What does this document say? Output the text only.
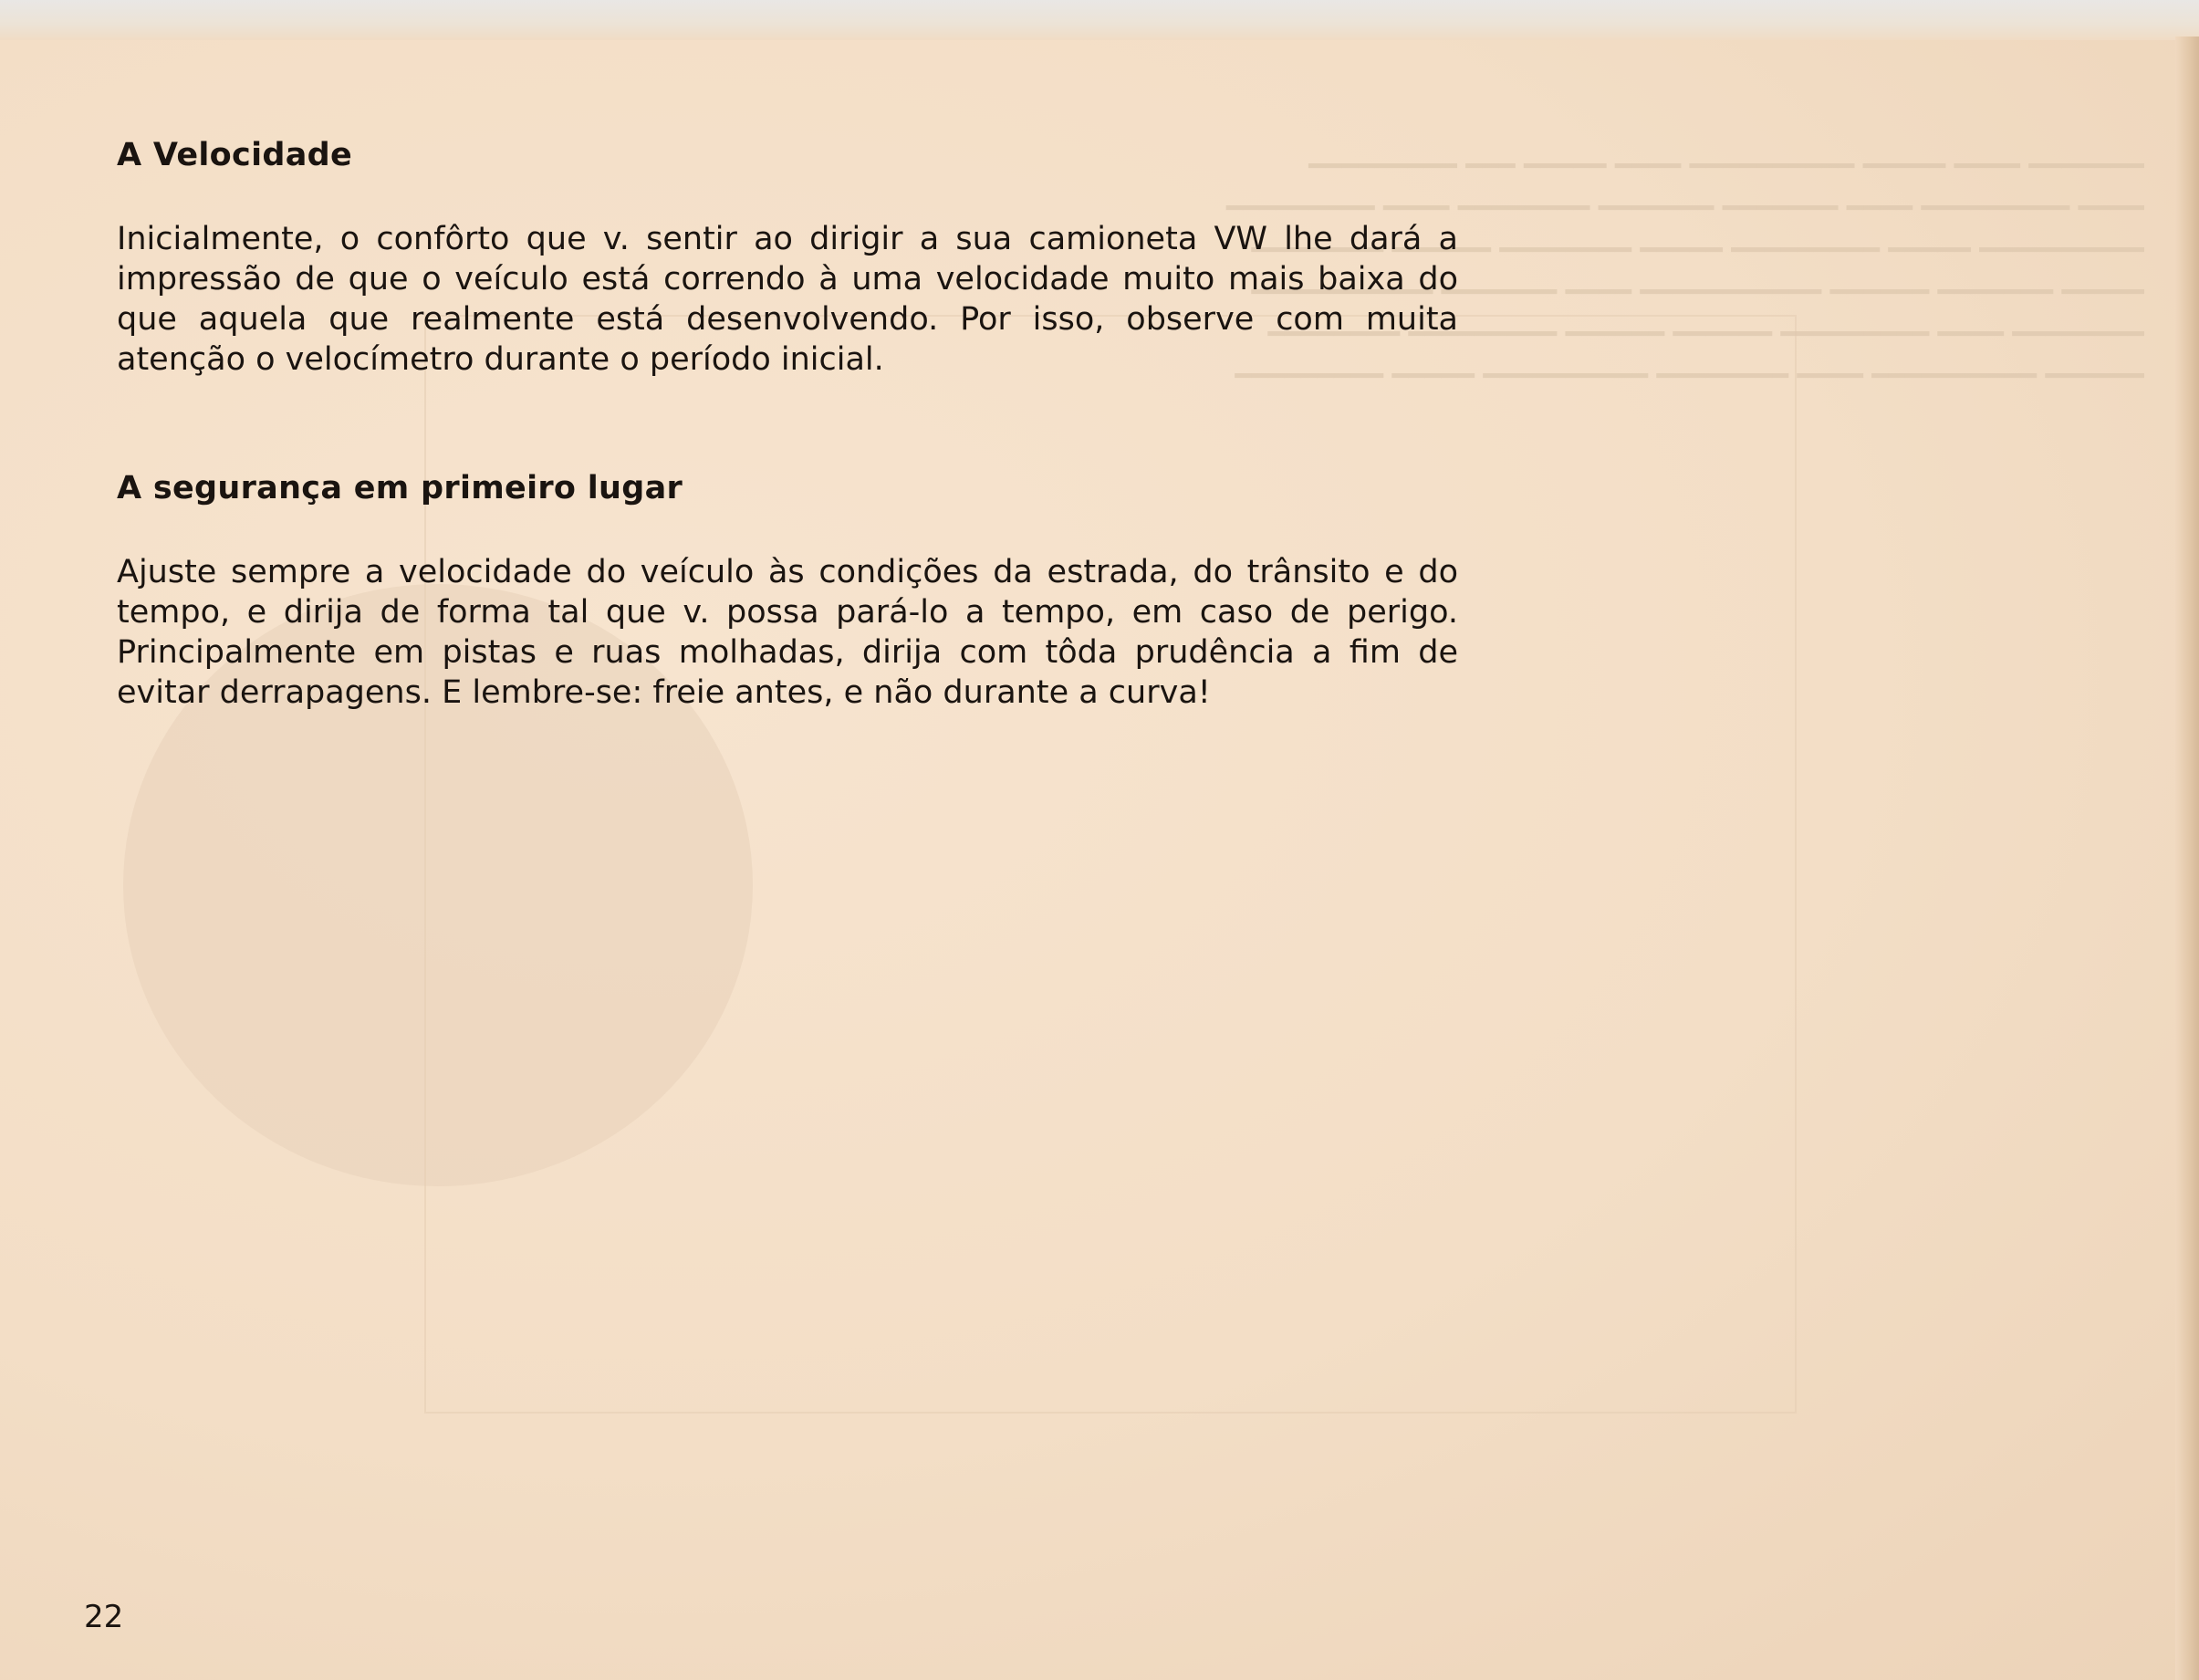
━━━━━━━ ━━━━ ━━━━━ ━━━━━━━━━━ ━━━━ ━━━━━ ━━━ ━━━━━━━━━
━━━━ ━━━━━━━━━ ━━━━ ━━━━━━━ ━━━━━━━ ━━━━━━━━ ━━━━ ━━━━━━━━━
━━━━━━━━━━ ━━━━━ ━━━━━━━━━ ━━━━━ ━━━━━━━━ ━━━━━━ ━━━━━━━━
━━━━━ ━━━━━━━ ━━━━━━ ━━━━━━━━━━━ ━━━━ ━━━━━━━ ━━━━━━━━━━━
━━━━━━━━ ━━━━ ━━━━━━━━━ ━━━━━━ ━━━━━━ ━━━━━━━━━ ━━━━━━━━
━━━━━━ ━━━━━━━━━━ ━━━━ ━━━━━━━━ ━━━━━━━━━━ ━━━━━ ━━━━━━━━━
A Velocidade

Inicialmente, o confôrto que v. sentir ao dirigir a sua camioneta VW lhe dará a impressão de que o veículo está correndo à uma velocidade muito mais baixa do que aquela que realmente está desenvolvendo. Por isso, observe com muita atenção o velocímetro durante o período inicial.

A segurança em primeiro lugar

Ajuste sempre a velocidade do veículo às condições da estrada, do trânsito e do tempo, e dirija de forma tal que v. possa pará-lo a tempo, em caso de perigo. Principalmente em pistas e ruas molhadas, dirija com tôda prudência a fim de evitar derrapagens. E lembre-se: freie antes, e não durante a curva!

22
